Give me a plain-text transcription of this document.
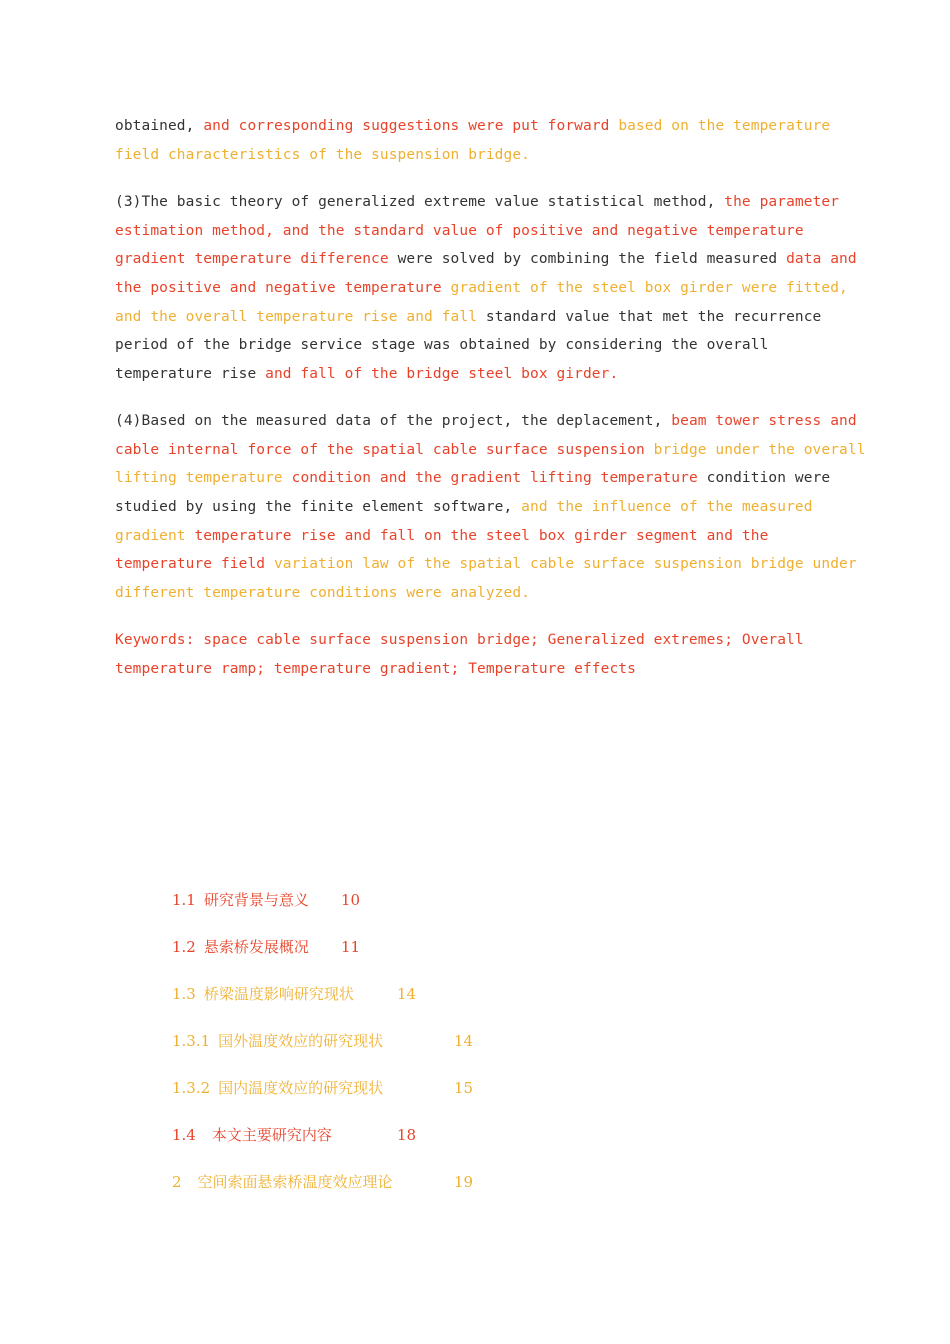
obtained, and corresponding suggestions were put forward based on the temperature
field characteristics of the suspension bridge.
(3)The basic theory of generalized extreme value statistical method, the parameter
estimation method, and the standard value of positive and negative temperature
gradient temperature difference were solved by combining the field measured data and
the positive and negative temperature gradient of the steel box girder were fitted,
and the overall temperature rise and fall standard value that met the recurrence
period of the bridge service stage was obtained by considering the overall
temperature rise and fall of the bridge steel box girder.
(4)Based on the measured data of the project, the deplacement, beam tower stress and
cable internal force of the spatial cable surface suspension bridge under the overall
lifting temperature condition and the gradient lifting temperature condition were
studied by using the finite element software, and the influence of the measured
gradient temperature rise and fall on the steel box girder segment and the
temperature field variation law of the spatial cable surface suspension bridge under
different temperature conditions were analyzed.
Keywords: space cable surface suspension bridge; Generalized extremes; Overall
temperature ramp; temperature gradient; Temperature effects
1.1 研究背景与意义 10
1.2 悬索桥发展概况 11
1.3 桥梁温度影响研究现状	14
1.3.1 国外温度效应的研究现状	14
1.3.2 国内温度效应的研究现状	15
1.4 本文主要研究内容	18
2 空间索面悬索桥温度效应理论	19
